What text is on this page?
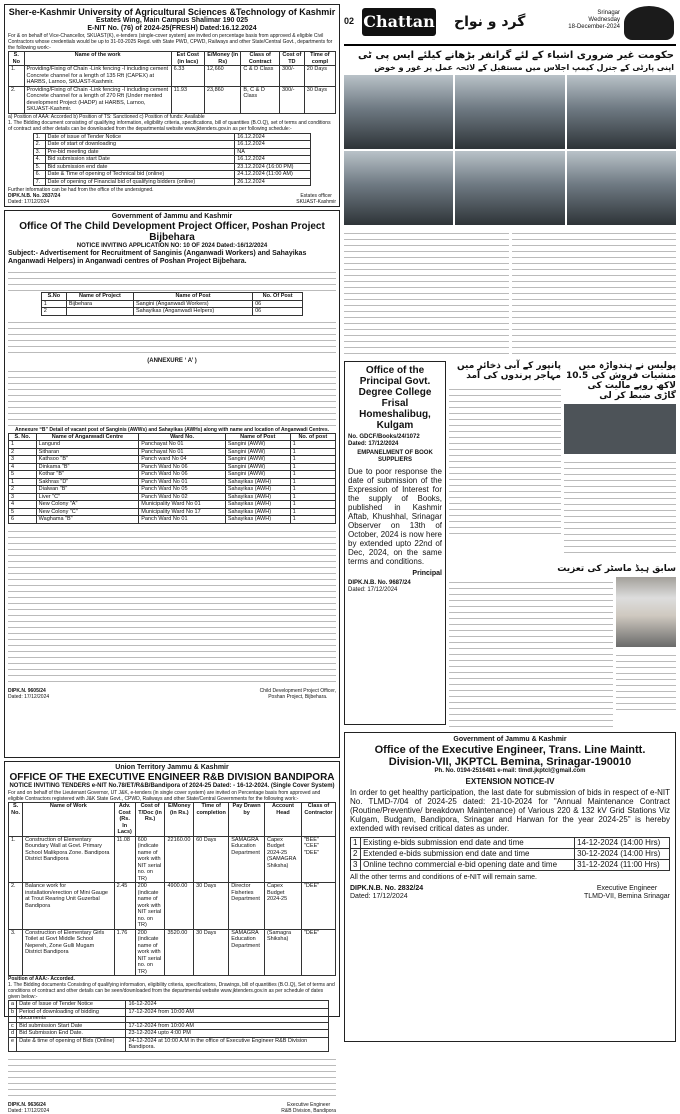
Sher-e-Kashmir University of Agricultural Sciences &Technology of Kashmir
Estates Wing, Main Campus Shalimar 190 025
E-NIT No. (76) of 2024-25(FRESH) Dated:16.12.2024
For & on behalf of Vice-Chancellor, SKUAST(K), e-tenders (single-cover system) are invited on percentage basis from approved & eligible Civil Contractors whose credentials would be up to 31-03-2025 Regd. with State PWD, CPWD, Railways and other State/Central Govt., departments for the following work:-
S. No	Name of the work	Est Cost (in lacs)	E/Money (in Rs)	Class of Contract	Cost of TD	Time of compl
1.	Providing/Fixing of Chain -Link fencing -I including cement Concrete channel for a length of 135 Rft (CAPEX) at HARBS, Larnoo, SKUAST-Kashmir.	6.33	12,660	C & D Class	300/-	20 Days
2.	Providing/Fixing of Chain -Link fencing -I including cement Concrete channel for a length of 270 Rft (Under mented development Project (HADP) at HARBS, Larnoo, SKUAST-Kashmir.	11.93	23,860	B, C & D Class	300/-	30 Days
a) Position of AAA: Accorded b) Position of TS: Sanctioned c) Position of funds: Available
1. The Bidding document consisting of qualifying information, eligibility criteria, specifications, bill of quantities (B.O.Q), set of terms and conditions of contract and other details can be downloaded from the departmental website www.jktenders.gov.in as per following schedule:-
1.	Date of issue of Tender Notice	16.12.2024
2.	Date of start of downloading	16.12.2024
3.	Pre-bid meeting date	NA
4.	Bid submission start Date	16.12.2024
5.	Bid submission end date	23.12.2024 (16:00 PM)
6.	Date & Time of opening of Technical bid (online)	24.12.2024 (11:00 AM)
7.	Date of opening of Financial bid of qualifying bidders (online)	26.12.2024
Further information can be had from the office of the undersigned.
DIPK.N.B. No. 2837/24
Dated: 17/12/2024
Estates officer
SKUAST-Kashmir
Government of Jammu and Kashmir
Office Of The Child Development Project Officer, Poshan Project Bijbehara
NOTICE INVITING APPLICATION NO: 10 OF 2024 Dated:-16/12/2024
Subject:- Advertisement for Recruitment of Sanginis (Anganwadi Workers) and Sahayikas Anganwadi Helpers) in Anganwadi centres of Poshan Project Bijbehara.
S.No	Name of Project	Name of Post	No. Of Post
1	Bijbehara	Sangini (Anganwadi Workers)	06
2		Sahayikas (Anganwadi Helpers)	06
(ANNEXURE ‘ A’ )
Annexure “B” Detail of vacant post of Sanginis (AWWs) and Sahayikas (AWHs) along with name and location of Anganwadi Centres.
S. No.	Name of Anganwadi Centre	Ward No.	Name of Post	No. of post
1	Langund	Panchayat No 01	Sangini (AWW)	1
2	Sitharan	Panchayat No 01	Sangini (AWW)	1
3	Kathsoo "B"	Panch ward No 04	Sangini (AWW)	1
4	Dinkama "B"	Panch Ward No 06	Sangini (AWW)	1
5	Kothar "B"	Panch Ward No 06	Sangini (AWW)	1
1	Sakhras "D"	Panch Ward No 01	Sahayikas (AWH)	1
2	Dialwan "B"	Panch Ward No 05	Sahayikas (AWH)	1
3	Liver "C"	Panch Ward No 02	Sahayikas (AWH)	1
4	New Colony "A"	Municipality Ward No 01	Sahayikas (AWH)	1
5	New Colony "C"	Municipality Ward No 17	Sahayikas (AWH)	1
6	Waghama "B"	Panch Ward No 01	Sahayikas (AWH)	1
DIPK.N. 9605/24
Dated: 17/12/2024
Child Development Project Officer,
Poshan Project, Bijbehara.
Union Territory Jammu & Kashmir
OFFICE OF THE EXECUTIVE ENGINEER R&B DIVISION BANDIPORA
NOTICE INVITING TENDERS e-NIT No.78/ET/R&B/Bandipora of 2024-25 Dated: - 16-12-2024. (Single Cover System)
For and on behalf of the Lieutenant Governor, UT J&K, e-tenders (in single cover system) are invited on Percentage basis from approved and eligible Contractors registered with J&K State Govt., CPWD, Railways and other State/Central Governments for the following work:-
S. No.	Name of Work	Adv. Cost (Rs. In Lacs)	Cost of T/Doc (in Rs.)	E/Money (in Rs.)	Time of completion	Pay Drawn by	Account Head	Class of Contractor
1.	Construction of Elementary Boundary Wall at Govt. Primary School Malikpora Zone. Bandipora District Bandipora	11.08	600 (indicate name of work with NIT serial no. on TR)	22160.00	60 Days	SAMAGRA Education Department	Capex Budget 2024-25 (SAMAGRA Shiksha)	"BEE" "CEE" "DEE"
2.	Balance work for installation/erection of Mini Gauge at Trout Rearing Unit Guzerbal Bandipora	2.45	200 (indicate name of work with NIT serial no. on TR)	4900.00	30 Days	Director Fisheries Department	Capex Budget 2024-25	"DEE"
3.	Construction of Elementary Girls Toilet at Govt Middle School Nepereh, Zone Gulli Mugam District Bandipora	1.76	200 (indicate name of work with NIT serial no. on TR)	3520.00	30 Days	SAMAGRA Education Department	(Samagra Shiksha)	"DEE"
Position of AAA:- Accorded.
1. The Bidding documents Consisting of qualifying information, eligibility criteria, specifications, Drawings, bill of quantities (B.O.Q), Set of terms and conditions of contract and other details can be seen/downloaded from the departmental website www.jktenders.gov.in as per schedule of dates given below:-
a	Date of Issue of Tender Notice	16-12-2024
b	Period of downloading of bidding documents	17-12-2024 from 10:00 AM
c	Bid submission Start Date	17-12-2024 from 10:00 AM
d	Bid Submission End Date.	23-12-2024 upto 4:00 PM
e	Date & time of opening of Bids (Online)	24-12-2024 at 10:00 A.M in the office of Executive Engineer R&B Division Bandipora.
DIPK.N. 9636/24
Dated: 17/12/2024
Executive Engineer
R&B Division, Bandipora
02 Chattan گرد و نواح
Srinagar
Wednesday
18-December-2024
حکومت غیر ضروری اشیاء کے لئے گرانفر بڑھانے کیلئے ایس پی ٹی
اپنی پارٹی کے جنرل کیمپ اجلاس میں مستقبل کے لائحہ عمل پر غور و خوض
Office of the Principal Govt. Degree College Frisal Homeshalibug, Kulgam
No. GDCF/Books/24/1072
Dated: 17/12/2024
EMPANELMENT OF BOOK SUPPLIERS
Due to poor response the date of submission of the Expression of Interest for the supply of Books, published in Kashmir Aftab, Khushhal, Srinagar Observer on 13th of October, 2024 is now here by extended upto 22nd of Dec, 2024, on the same terms and conditions.
Principal
DIPK.N.B. No. 9687/24
Dated: 17/12/2024
پانپور کے آبی ذخائر میں مہاجر پرندوں کی آمد
پولیس نے ہندواڑہ میں منشیات فروش کی 10.5 لاکھ روپے مالیت کی گاڑی ضبط کر لی
سابق ہیڈ ماسٹر کی تعزیت
Government of Jammu & Kashmir
Office of the Executive Engineer, Trans. Line Maintt. Division-VII, JKPTCL Bemina, Srinagar-190010
Ph. No. 0194-2516481 e-mail: tlmdl.jkptcl@gmail.com
EXTENSION NOTICE-IV
In order to get healthy participation, the last date for submission of bids in respect of e-NIT No. TLMD-7/04 of 2024-25 dated: 21-10-2024 for "Annual Maintenance Contract (Routine/Preventive/ breakdown Maintenance) of Various 220 & 132 kV Grid Stations Viz Kulgam, Budgam, Bandipora, Srinagar and Harwan for the year 2024-25" is hereby extended with revised critical dates as under.
1	Existing e-bids submission end date and time	14-12-2024 (14:00 Hrs)
2	Extended e-bids submission end date and time	30-12-2024 (14:00 Hrs)
3	Online techno commercial e-bid opening date and time	31-12-2024 (11:00 Hrs)
All the other terms and conditions of e-NIT will remain same.
DIPK.N.B. No. 2832/24
Dated: 17/12/2024
Executive Engineer
TLMD-VII, Bemina Srinagar
